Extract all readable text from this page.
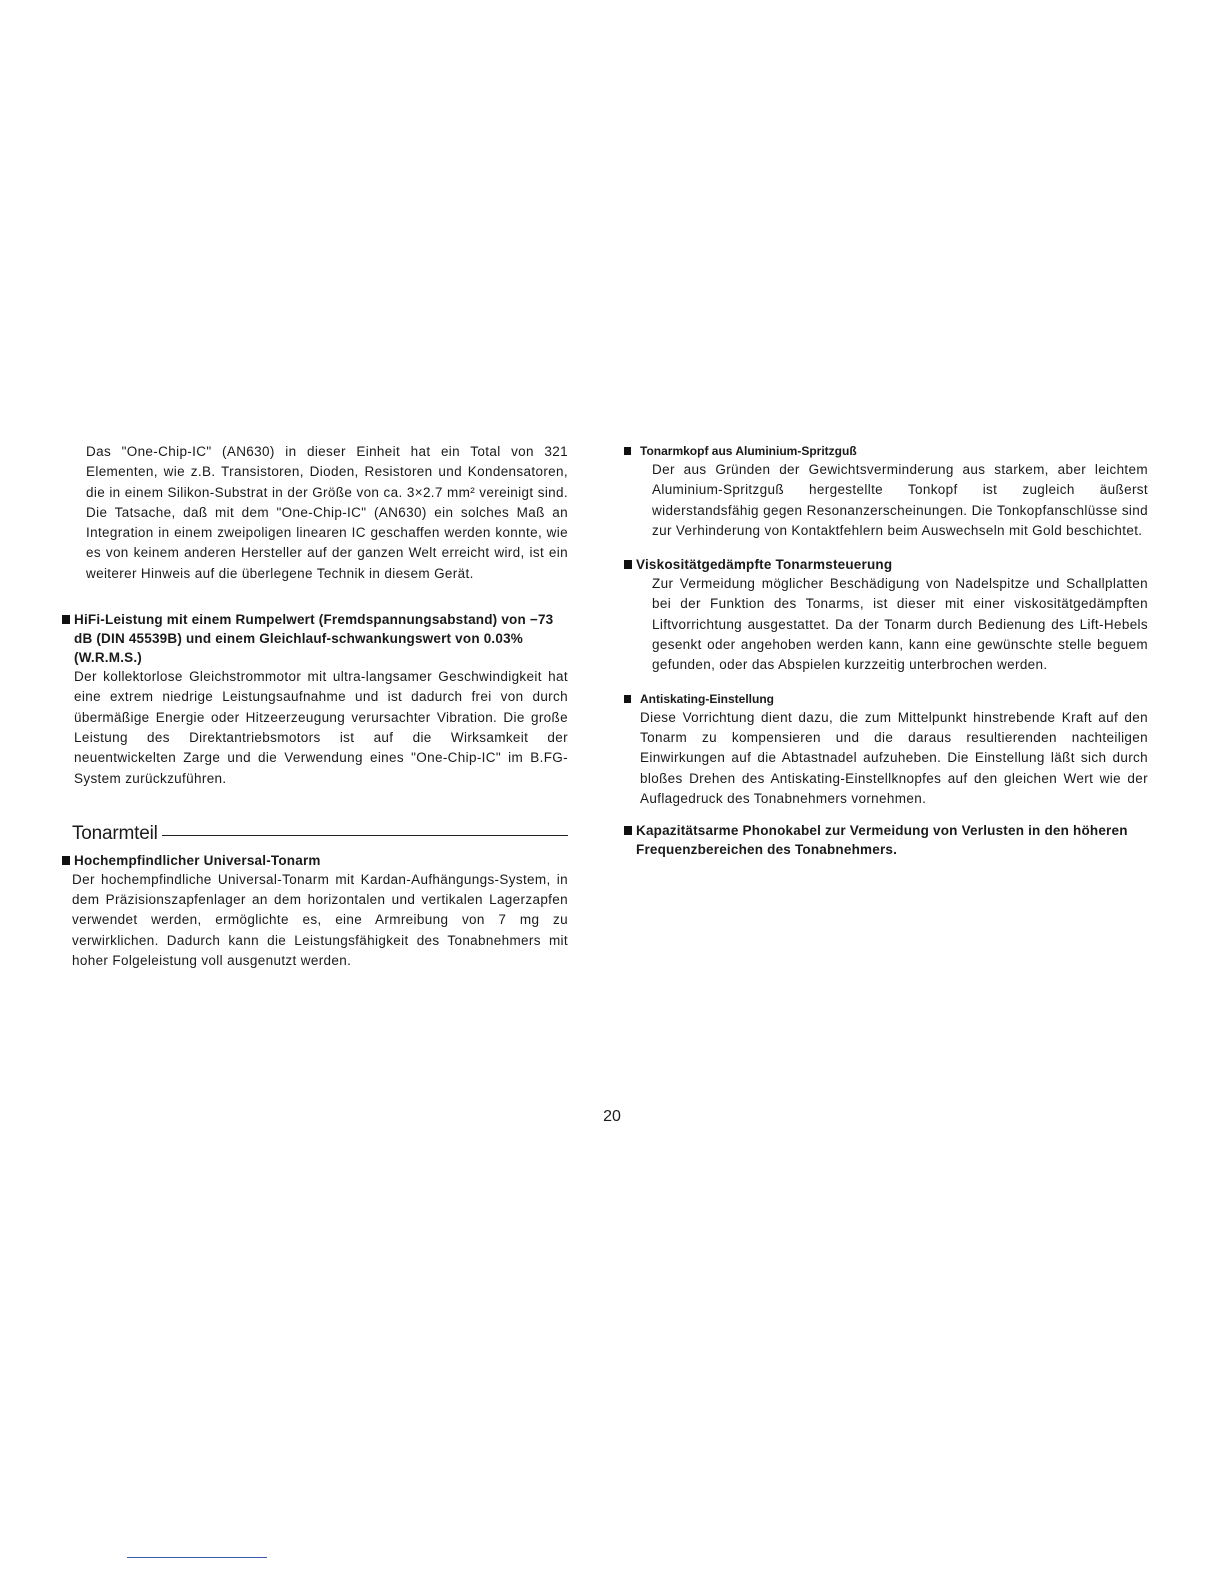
Das "One-Chip-IC" (AN630) in dieser Einheit hat ein Total von 321 Elementen, wie z.B. Transistoren, Dioden, Resistoren und Kondensatoren, die in einem Silikon-Substrat in der Größe von ca. 3×2.7 mm² vereinigt sind. Die Tatsache, daß mit dem "One-Chip-IC" (AN630) ein solches Maß an Integration in einem zweipoligen linearen IC geschaffen werden konnte, wie es von keinem anderen Hersteller auf der ganzen Welt erreicht wird, ist ein weiterer Hinweis auf die überlegene Technik in diesem Gerät.

HiFi-Leistung mit einem Rumpelwert (Fremdspannungsabstand) von −73 dB (DIN 45539B) und einem Gleichlauf-schwankungswert von 0.03% (W.R.M.S.)

Der kollektorlose Gleichstrommotor mit ultra-langsamer Geschwindigkeit hat eine extrem niedrige Leistungsaufnahme und ist dadurch frei von durch übermäßige Energie oder Hitzeerzeugung verursachter Vibration. Die große Leistung des Direktantriebsmotors ist auf die Wirksamkeit der neuentwickelten Zarge und die Verwendung eines "One-Chip-IC" im B.FG-System zurückzuführen.

Tonarmteil

Hochempfindlicher Universal-Tonarm

Der hochempfindliche Universal-Tonarm mit Kardan-Aufhängungs-System, in dem Präzisionszapfenlager an dem horizontalen und vertikalen Lagerzapfen verwendet werden, ermöglichte es, eine Armreibung von 7 mg zu verwirklichen. Dadurch kann die Leistungsfähigkeit des Tonabnehmers mit hoher Folgeleistung voll ausgenutzt werden.

Tonarmkopf aus Aluminium-Spritzguß

Der aus Gründen der Gewichtsverminderung aus starkem, aber leichtem Aluminium-Spritzguß hergestellte Tonkopf ist zugleich äußerst widerstandsfähig gegen Resonanzerscheinungen. Die Tonkopfanschlüsse sind zur Verhinderung von Kontaktfehlern beim Auswechseln mit Gold beschichtet.

Viskositätgedämpfte Tonarmsteuerung

Zur Vermeidung möglicher Beschädigung von Nadelspitze und Schallplatten bei der Funktion des Tonarms, ist dieser mit einer viskositätgedämpften Liftvorrichtung ausgestattet. Da der Tonarm durch Bedienung des Lift-Hebels gesenkt oder angehoben werden kann, kann eine gewünschte stelle beguem gefunden, oder das Abspielen kurzzeitig unterbrochen werden.

Antiskating-Einstellung

Diese Vorrichtung dient dazu, die zum Mittelpunkt hinstrebende Kraft auf den Tonarm zu kompensieren und die daraus resultierenden nachteiligen Einwirkungen auf die Abtastnadel aufzuheben. Die Einstellung läßt sich durch bloßes Drehen des Antiskating-Einstellknopfes auf den gleichen Wert wie der Auflagedruck des Tonabnehmers vornehmen.

Kapazitätsarme Phonokabel zur Vermeidung von Verlusten in den höheren Frequenzbereichen des Tonabnehmers.

20
